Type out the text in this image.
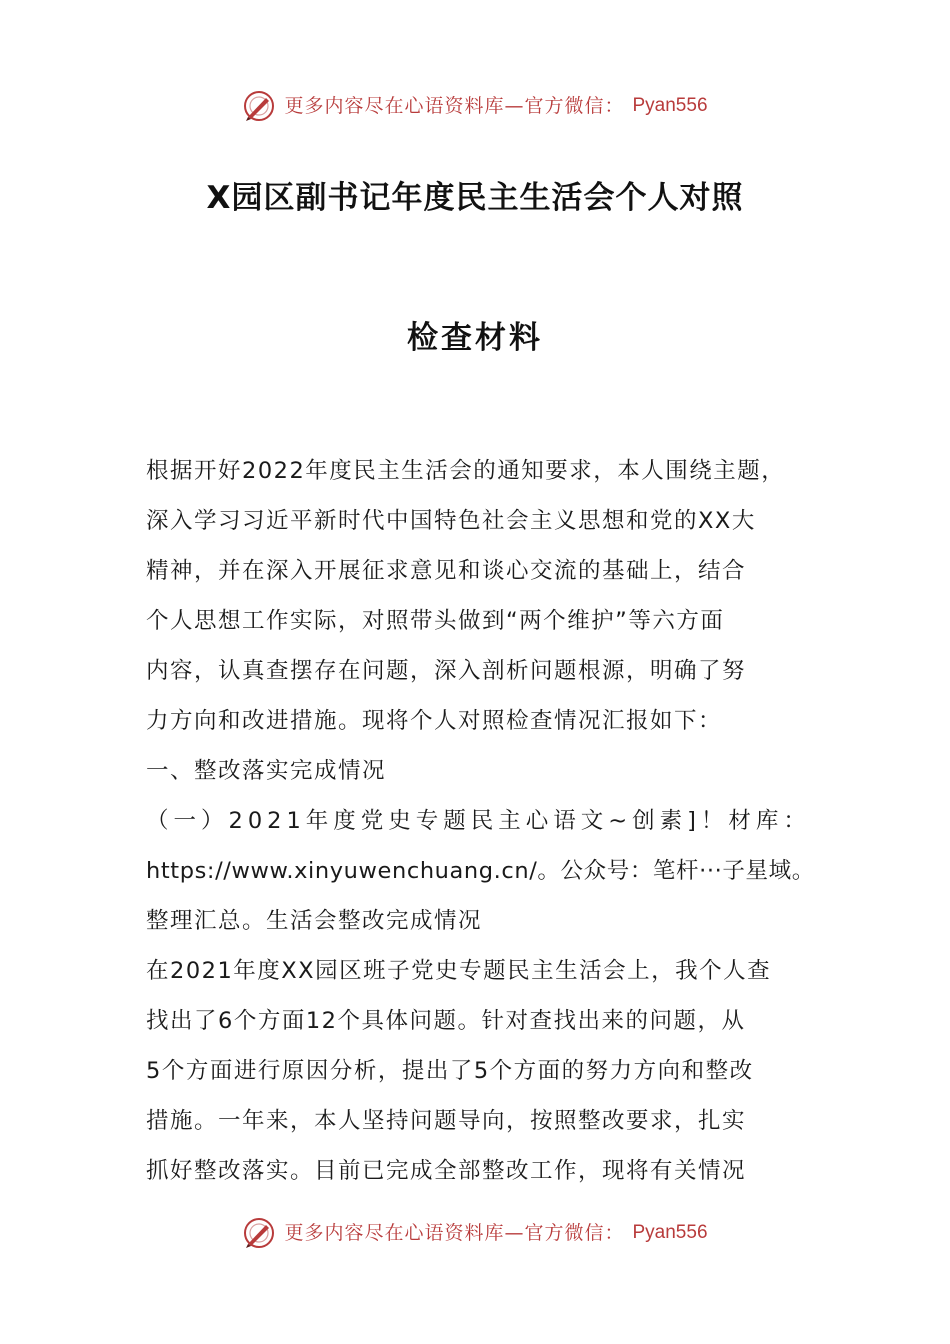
更多内容尽在心语资料库—官方微信： Pyan556
X园区副书记年度民主生活会个人对照
检查材料
根据开好2022年度民主生活会的通知要求，本人围绕主题，
深入学习习近平新时代中国特色社会主义思想和党的XX大
精神，并在深入开展征求意见和谈心交流的基础上，结合
个人思想工作实际，对照带头做到“两个维护”等六方面
内容，认真查摆存在问题，深入剖析问题根源，明确了努
力方向和改进措施。现将个人对照检查情况汇报如下：
一、整改落实完成情况
（一）2021年度党史专题民主心语文~创素]！材库：
https://www.xinyuwenchuang.cn/。公众号：笔杆···子星域。
整理汇总。生活会整改完成情况
在2021年度XX园区班子党史专题民主生活会上，我个人查
找出了6个方面12个具体问题。针对查找出来的问题，从
5个方面进行原因分析，提出了5个方面的努力方向和整改
措施。一年来，本人坚持问题导向，按照整改要求，扎实
抓好整改落实。目前已完成全部整改工作，现将有关情况
更多内容尽在心语资料库—官方微信： Pyan556
